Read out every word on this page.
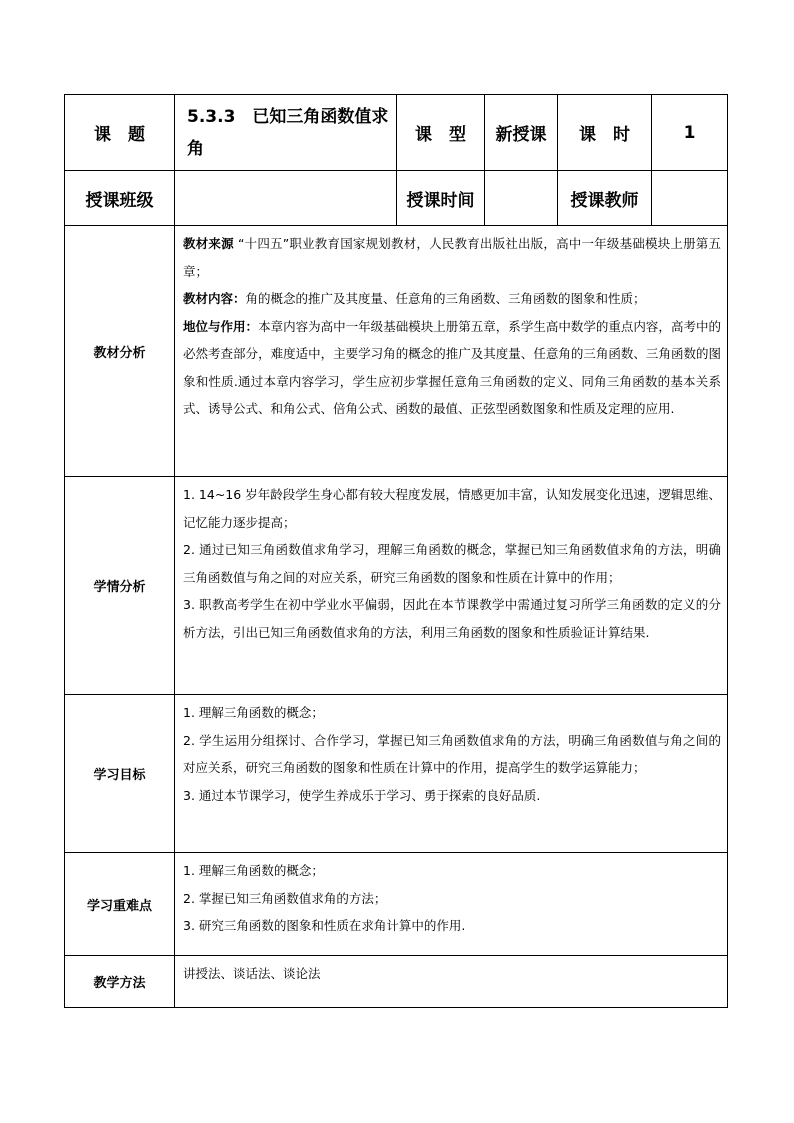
课　题	5.3.3　已知三角函数值求角	课　型	新授课	课　时	1
授课班级		授课时间		授课教师	
教材分析	教材来源 “十四五”职业教育国家规划教材，人民教育出版社出版，高中一年级基础模块上册第五章；

教材内容：角的概念的推广及其度量、任意角的三角函数、三角函数的图象和性质；

地位与作用：本章内容为高中一年级基础模块上册第五章，系学生高中数学的重点内容，高考中的必然考查部分，难度适中，主要学习角的概念的推广及其度量、任意角的三角函数、三角函数的图象和性质.通过本章内容学习，学生应初步掌握任意角三角函数的定义、同角三角函数的基本关系式、诱导公式、和角公式、倍角公式、函数的最值、正弦型函数图象和性质及定理的应用.				

学情分析	1. 14~16 岁年龄段学生身心都有较大程度发展，情感更加丰富，认知发展变化迅速，逻辑思维、记忆能力逐步提高；

2. 通过已知三角函数值求角学习，理解三角函数的概念，掌握已知三角函数值求角的方法，明确三角函数值与角之间的对应关系，研究三角函数的图象和性质在计算中的作用；

3. 职教高考学生在初中学业水平偏弱，因此在本节课教学中需通过复习所学三角函数的定义的分析方法，引出已知三角函数值求角的方法，利用三角函数的图象和性质验证计算结果.				

学习目标	1. 理解三角函数的概念；

2. 学生运用分组探讨、合作学习，掌握已知三角函数值求角的方法，明确三角函数值与角之间的对应关系，研究三角函数的图象和性质在计算中的作用，提高学生的数学运算能力；

3. 通过本节课学习，使学生养成乐于学习、勇于探索的良好品质.				

学习重难点	1. 理解三角函数的概念；

2. 掌握已知三角函数值求角的方法；

3. 研究三角函数的图象和性质在求角计算中的作用.				

教学方法	讲授法、谈话法、谈论法				
